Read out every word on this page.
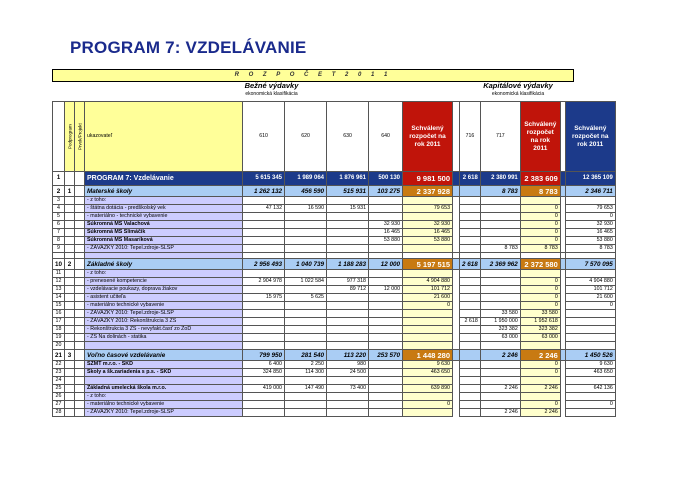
PROGRAM 7: VZDELÁVANIE
R O Z P O Č E T 2 0 1 1
Bežné výdavky	Kapitálové výdavky
ekonomická klasifikácia	ekonomická klasifikácia
	Podprogram	Prvok/Projekt	ukazovateľ	610	620	630	640	Schválený rozpočet na rok 2011		716	717	Schválený rozpočet na rok 2011		Schválený rozpočet na rok 2011
1			PROGRAM 7: Vzdelávanie	5 615 345	1 989 064	1 876 961	500 130	9 981 500		2 618	2 380 991	2 383 609		12 365 109
2	1		Materské školy	1 262 132	456 590	515 931	103 275	2 337 928			8 783	8 783		2 346 711
3			- z toho:											
4			- štátna dotácia - predškolský vek	47 132	16 590	15 931		79 653				0		79 653
5			- materiálno - technické vybavenie									0		0
6			Súkromná MŠ Valachová				32 930	32 930				0		32 930
7			Súkromná MŠ Slimáčik				16 465	16 465				0		16 465
8			Súkromná MŠ Masaríková				53 880	53 880				0		53 880
9			- ZÁVAZKY 2010: Tepel.zdroje-SLSP								8 783	8 783		8 783

10	2		Základné školy	2 956 493	1 040 739	1 188 283	12 000	5 197 515		2 618	2 369 962	2 372 580		7 570 095
11			- z toho:											
12			- prenesené kompetencie	2 904 978	1 022 584	977 318		4 904 880				0		4 904 880
13			- vzdelávacie poukazy, doprava žiakov			89 712	12 000	101 712				0		101 712
14			- asistent učiteľa	15 975	5 625			21 600				0		21 600
15			- materiálno technické vybavenie					0				0		0
16			- ZÁVAZKY 2010: Tepel.zdroje-SLSP								33 580	33 580		
17			- ZÁVAZKY 2010: Rekonštrukcia 3 ZŠ							2 618	1 950 000	1 952 618		
18			- Rekonštrukcia 3 ZŠ - nevyfakt.časť zo ZoD								323 382	323 382		
19			- ZŠ Na dolinách - statika								63 000	63 000		
20														
21	3		Voľno časové vzdelávanie	799 950	281 540	113 220	253 570	1 448 280			2 246	2 246		1 450 526
22			ŠZMT m.r.o. - ŠKD	6 400	2 250	980		9 630				0		9 630
23			Školy a šk.zariadenia s p.s. - ŠKD	324 850	114 300	24 500		463 650				0		463 650
24														
25			Základná umelecká škola m.r.o.	419 000	147 490	73 400		639 890			2 246	2 246		642 136
26			- z toho:											
27			- materiálno technické vybavenie					0				0		0
28			- ZÁVAZKY 2010: Tepel.zdroje-SLSP								2 246	2 246		
